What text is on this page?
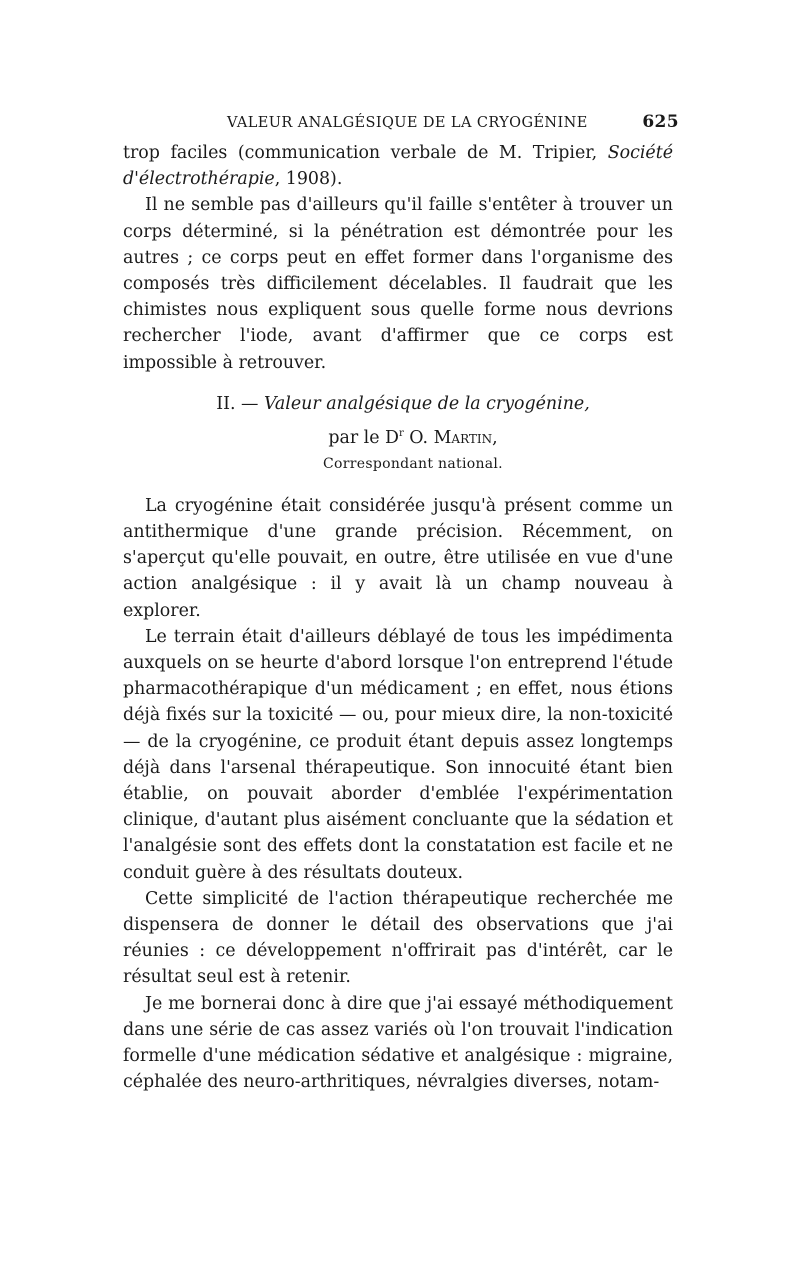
VALEUR ANALGÉSIQUE DE LA CRYOGÉNINE	625

trop faciles (communication verbale de M. Tripier, Société d'électrothérapie, 1908).

Il ne semble pas d'ailleurs qu'il faille s'entêter à trouver un corps déterminé, si la pénétration est démontrée pour les autres ; ce corps peut en effet former dans l'organisme des composés très difficilement décelables. Il faudrait que les chimistes nous expliquent sous quelle forme nous devrions rechercher l'iode, avant d'affirmer que ce corps est impossible à retrouver.

II. — Valeur analgésique de la cryogénine,
par le $D^r$ O. Martin,
Correspondant national.

La cryogénine était considérée jusqu'à présent comme un antithermique d'une grande précision. Récemment, on s'aperçut qu'elle pouvait, en outre, être utilisée en vue d'une action analgésique : il y avait là un champ nouveau à explorer.

Le terrain était d'ailleurs déblayé de tous les impédimenta auxquels on se heurte d'abord lorsque l'on entreprend l'étude pharmacothérapique d'un médicament ; en effet, nous étions déjà fixés sur la toxicité — ou, pour mieux dire, la non-toxicité — de la cryogénine, ce produit étant depuis assez longtemps déjà dans l'arsenal thérapeutique. Son innocuité étant bien établie, on pouvait aborder d'emblée l'expérimentation clinique, d'autant plus aisément concluante que la sédation et l'analgésie sont des effets dont la constatation est facile et ne conduit guère à des résultats douteux.

Cette simplicité de l'action thérapeutique recherchée me dispensera de donner le détail des observations que j'ai réunies : ce développement n'offrirait pas d'intérêt, car le résultat seul est à retenir.

Je me bornerai donc à dire que j'ai essayé méthodiquement dans une série de cas assez variés où l'on trouvait l'indication formelle d'une médication sédative et analgésique : migraine, céphalée des neuro-arthritiques, névralgies diverses, notam-
